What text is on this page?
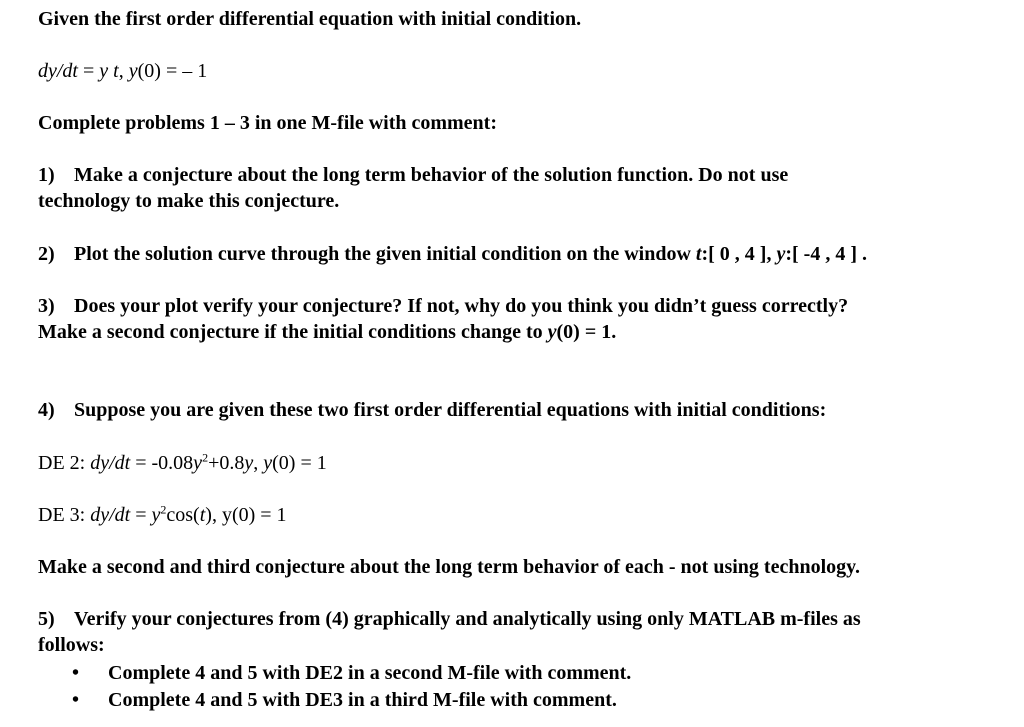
Given the first order differential equation with initial condition.
dy/dt = y t, y(0) = – 1
Complete problems 1 – 3 in one M-file with comment:
1) Make a conjecture about the long term behavior of the solution function. Do not use
technology to make this conjecture.
2) Plot the solution curve through the given initial condition on the window t:[ 0 , 4 ], y:[ -4 , 4 ] .
3) Does your plot verify your conjecture? If not, why do you think you didn’t guess correctly?
Make a second conjecture if the initial conditions change to y(0) = 1.
4) Suppose you are given these two first order differential equations with initial conditions:
DE 2: $dy/dt = -0.08y^2+0.8y$, y(0) = 1
DE 3: $dy/dt = y^2\cos(t)$, y(0) = 1
Make a second and third conjecture about the long term behavior of each - not using technology.
5) Verify your conjectures from (4) graphically and analytically using only MATLAB m-files as
follows:
• Complete 4 and 5 with DE2 in a second M-file with comment.
• Complete 4 and 5 with DE3 in a third M-file with comment.
